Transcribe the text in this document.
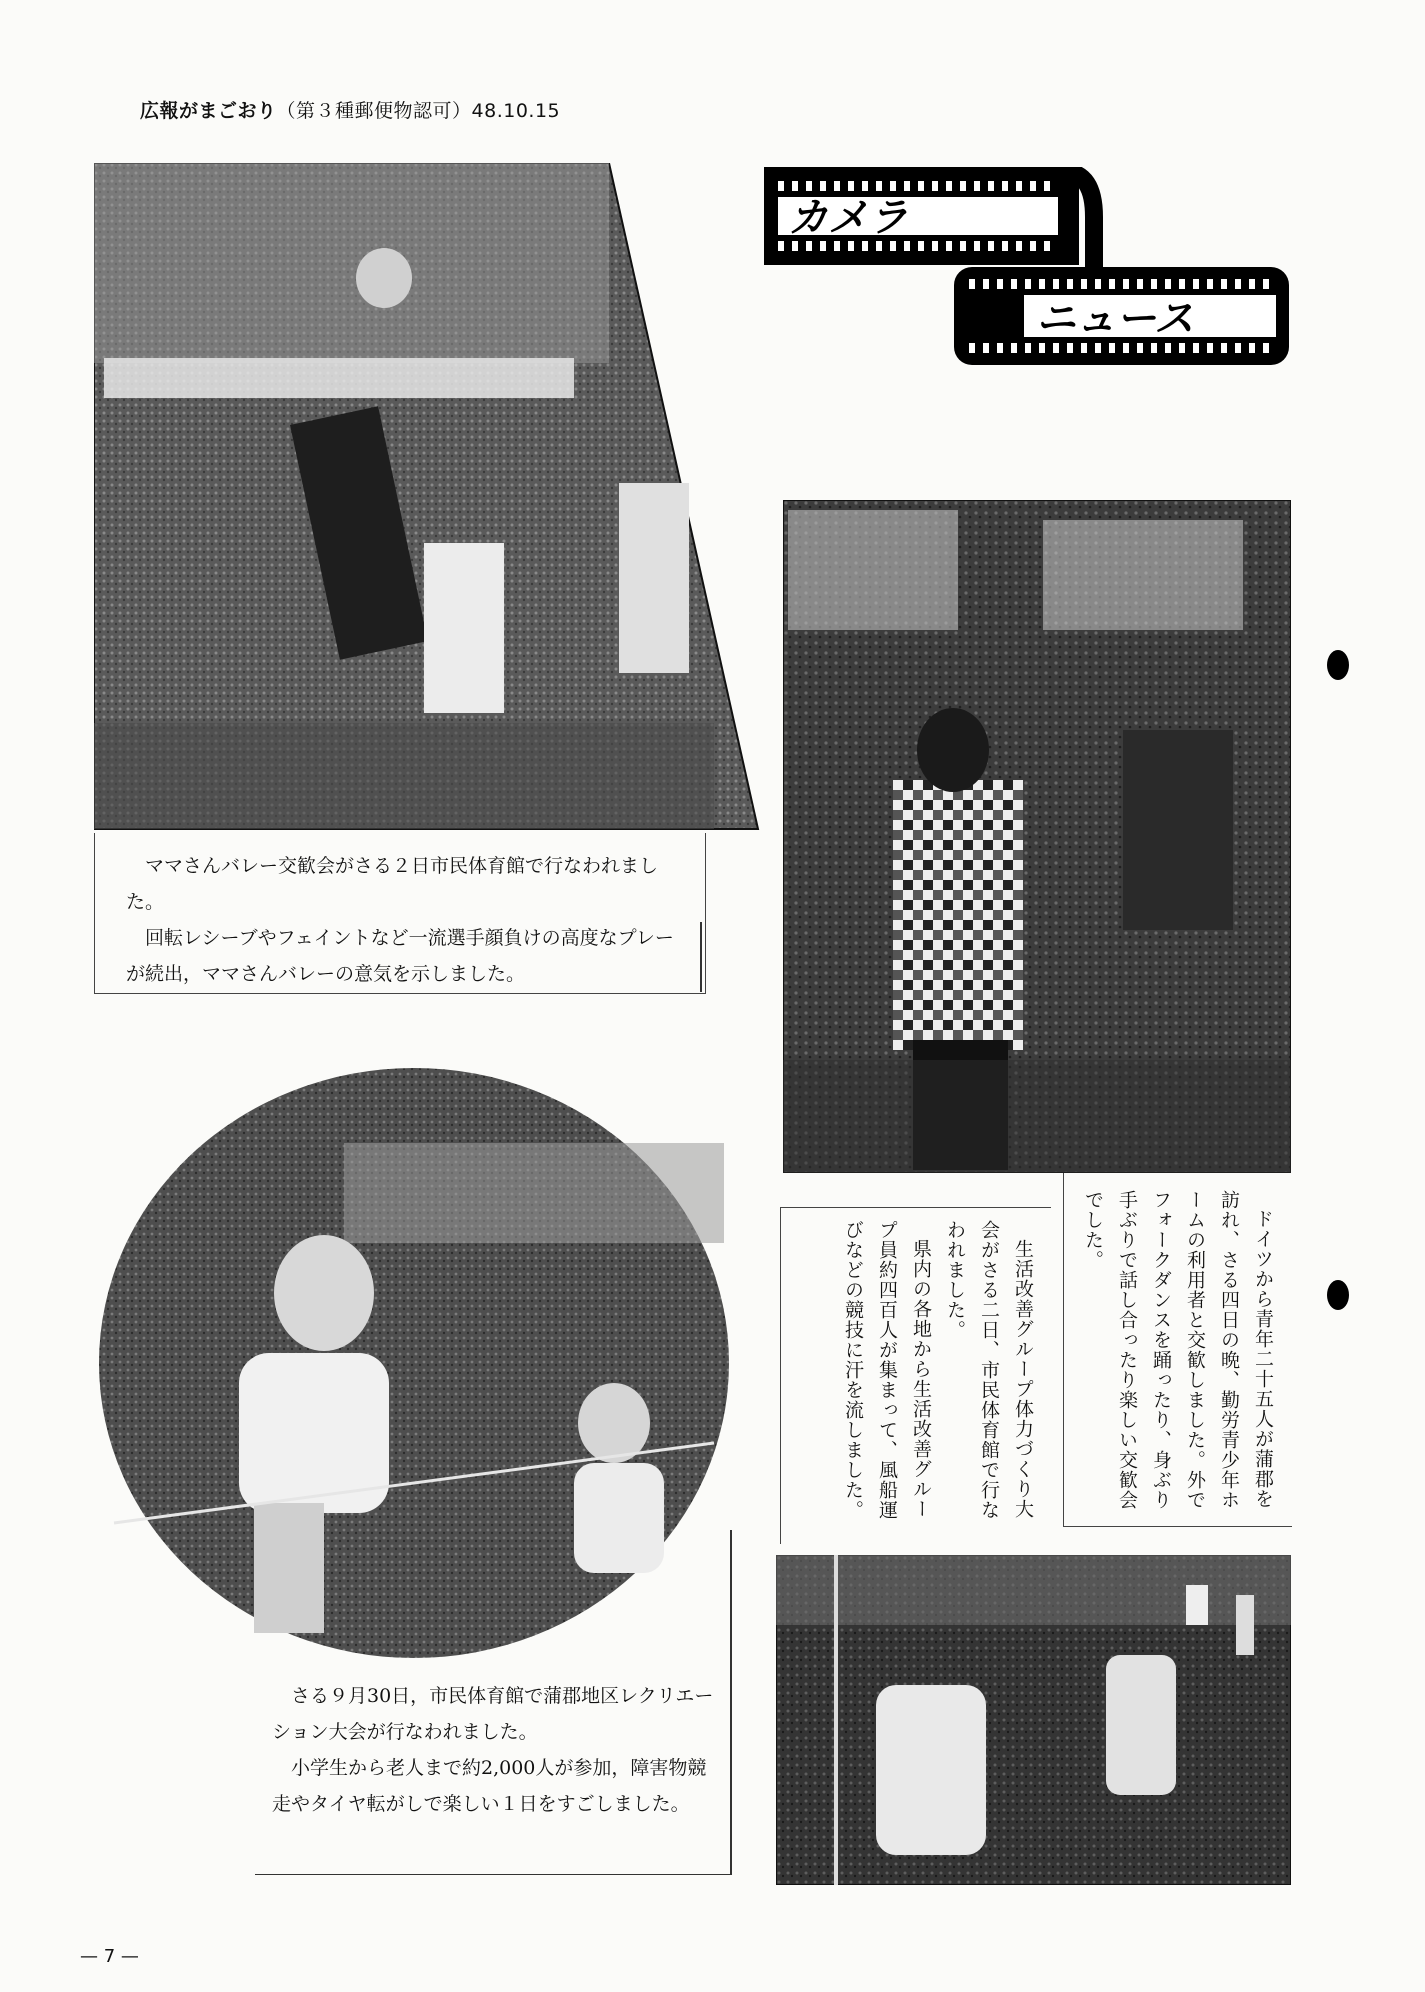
広報がまごおり（第３種郵便物認可）48.10.15

ママさんバレー交歓会がさる２日市民体育館で行なわれました。

回転レシーブやフェイントなど一流選手顔負けの高度なプレーが続出，ママさんバレーの意気を示しました。

カメラ
ニュース

ドイツから青年二十五人が蒲郡を訪れ、さる四日の晩、勤労青少年ホームの利用者と交歓しました。外でフォークダンスを踊ったり、身ぶり手ぶりで話し合ったり楽しい交歓会でした。

生活改善グループ体力づくり大会がさる二日、市民体育館で行なわれました。

県内の各地から生活改善グループ員約四百人が集まって、風船運びなどの競技に汗を流しました。

さる９月30日，市民体育館で蒲郡地区レクリエーション大会が行なわれました。

小学生から老人まで約2,000人が参加，障害物競走やタイヤ転がしで楽しい１日をすごしました。

— 7 —
